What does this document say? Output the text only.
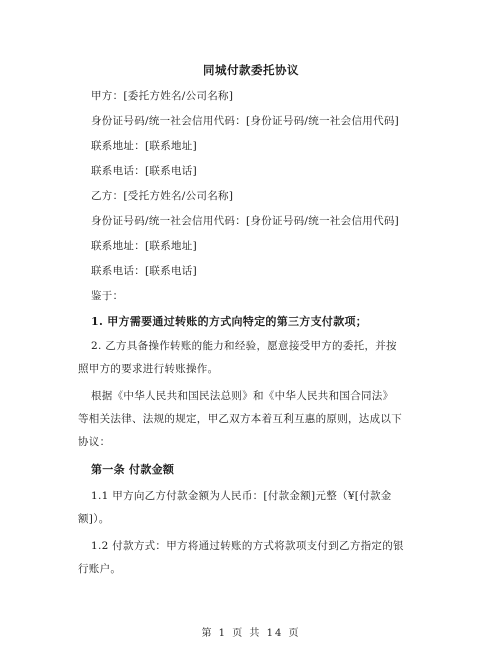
同城付款委托协议
甲方：[委托方姓名/公司名称]
身份证号码/统一社会信用代码：[身份证号码/统一社会信用代码]
联系地址：[联系地址]
联系电话：[联系电话]
乙方：[受托方姓名/公司名称]
身份证号码/统一社会信用代码：[身份证号码/统一社会信用代码]
联系地址：[联系地址]
联系电话：[联系电话]
鉴于：
1. 甲方需要通过转账的方式向特定的第三方支付款项；
2. 乙方具备操作转账的能力和经验，愿意接受甲方的委托，并按
照甲方的要求进行转账操作。
根据《中华人民共和国民法总则》和《中华人民共和国合同法》
等相关法律、法规的规定，甲乙双方本着互利互惠的原则，达成以下
协议：
第一条 付款金额
1.1 甲方向乙方付款金额为人民币：[付款金额]元整（¥[付款金
额]）。
1.2 付款方式：甲方将通过转账的方式将款项支付到乙方指定的银
行账户。
第 1 页 共 14 页
